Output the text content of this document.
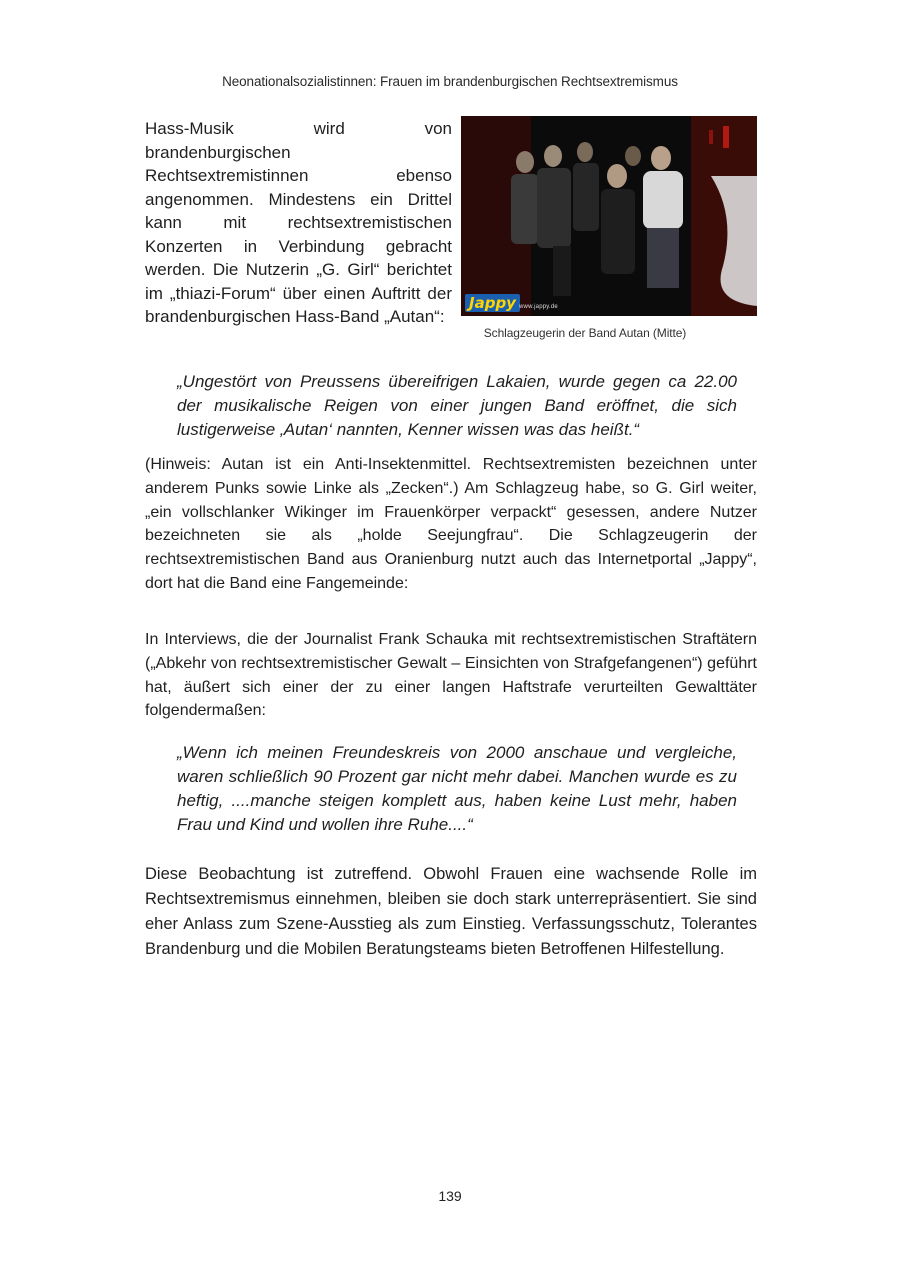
Neonationalsozialistinnen: Frauen im brandenburgischen Rechtsextremismus

Hass-Musik wird von brandenburgischen Rechtsextremistinnen ebenso angenommen. Mindestens ein Drittel kann mit rechtsextremistischen Konzerten in Verbindung gebracht werden. Die Nutzerin „G. Girl“ berichtet im „thiazi-Forum“ über einen Auftritt der brandenburgischen Hass-Band „Autan“:

Jappy www.jappy.de
Schlagzeugerin der Band Autan (Mitte)

„Ungestört von Preussens übereifrigen Lakaien, wurde gegen ca 22.00 der musikalische Reigen von einer jungen Band eröffnet, die sich lustigerweise ‚Autan‘ nannten, Kenner wissen was das heißt.“

(Hinweis: Autan ist ein Anti-Insektenmittel. Rechtsextremisten bezeichnen unter anderem Punks sowie Linke als „Zecken“.) Am Schlagzeug habe, so G. Girl weiter, „ein vollschlanker Wikinger im Frauenkörper verpackt“ gesessen, andere Nutzer bezeichneten sie als „holde Seejungfrau“. Die Schlagzeugerin der rechtsextremistischen Band aus Oranienburg nutzt auch das Internetportal „Jappy“, dort hat die Band eine Fangemeinde:

In Interviews, die der Journalist Frank Schauka mit rechtsextremistischen Straftätern („Abkehr von rechtsextremistischer Gewalt – Einsichten von Strafgefangenen“) geführt hat, äußert sich einer der zu einer langen Haftstrafe verurteilten Gewalttäter folgendermaßen:

„Wenn ich meinen Freundeskreis von 2000 anschaue und vergleiche, waren schließlich 90 Prozent gar nicht mehr dabei. Manchen wurde es zu heftig, ....manche steigen komplett aus, haben keine Lust mehr, haben Frau und Kind und wollen ihre Ruhe....“

Diese Beobachtung ist zutreffend. Obwohl Frauen eine wachsende Rolle im Rechtsextremismus einnehmen, bleiben sie doch stark unterrepräsentiert. Sie sind eher Anlass zum Szene-Ausstieg als zum Einstieg. Verfassungsschutz, Tolerantes Brandenburg und die Mobilen Beratungsteams bieten Betroffenen Hilfestellung.

139
